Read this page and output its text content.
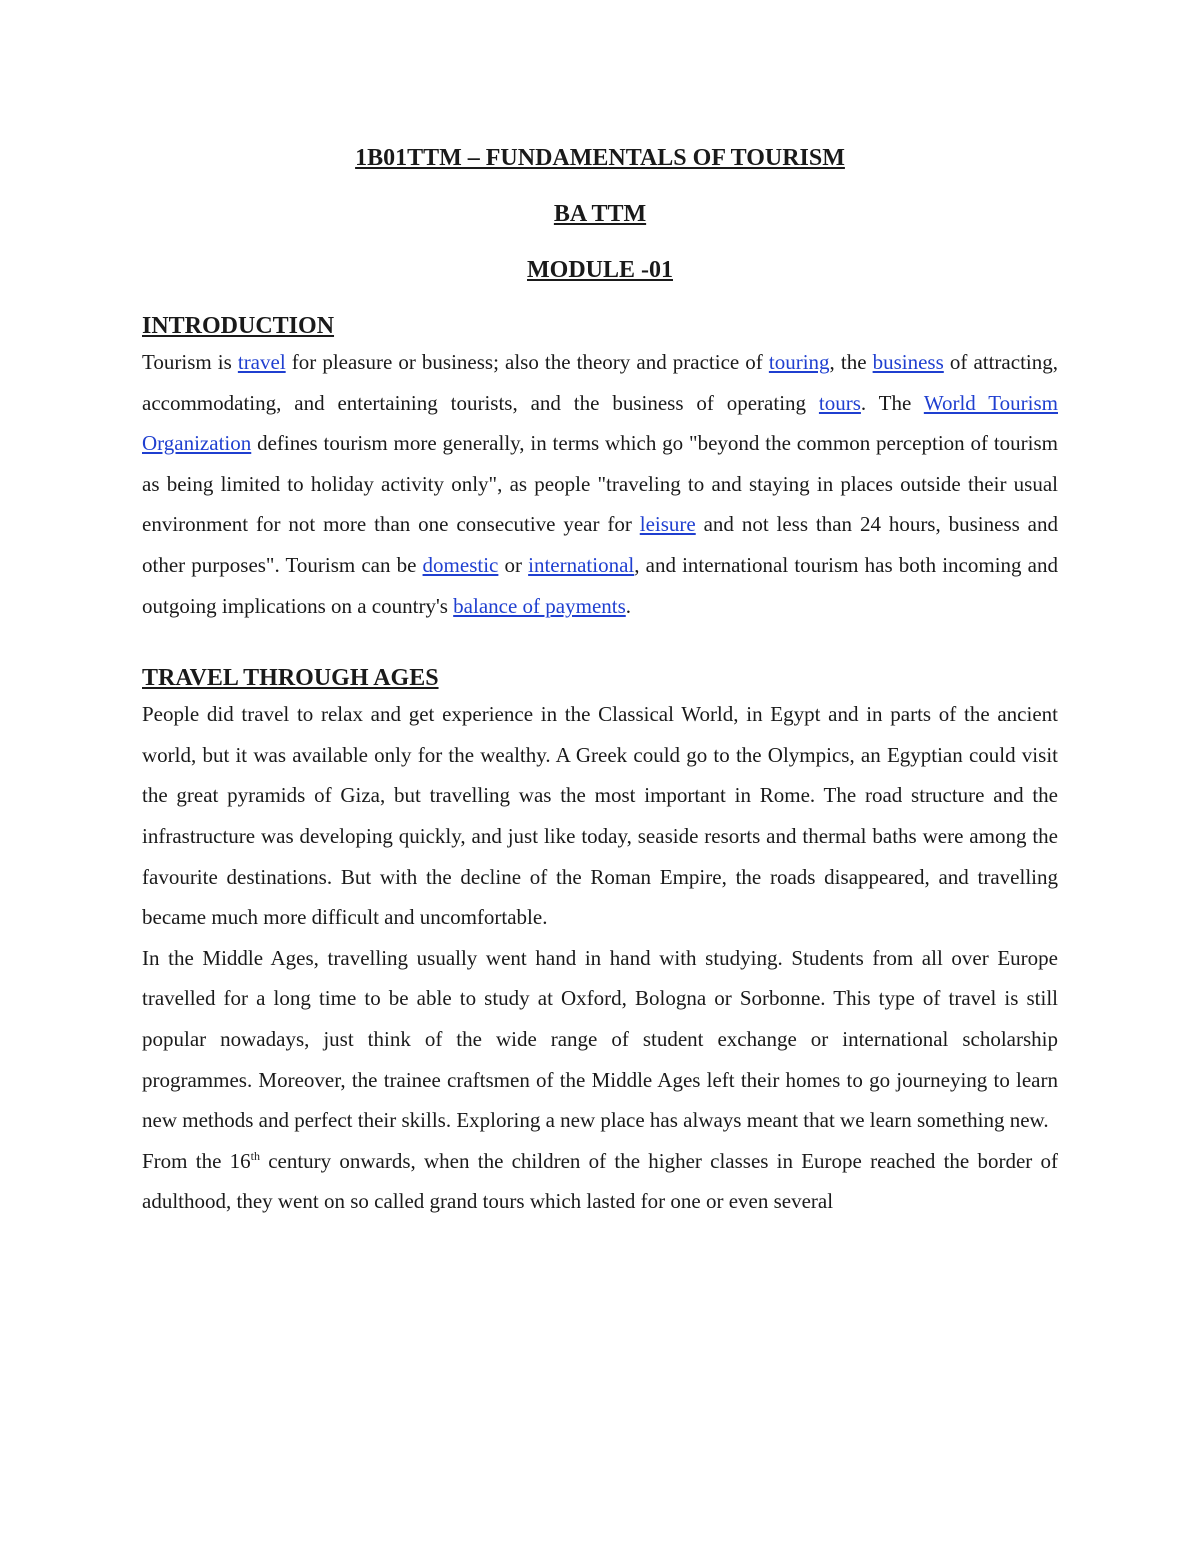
1B01TTM – FUNDAMENTALS OF TOURISM

BA TTM

MODULE -01

INTRODUCTION

Tourism is travel for pleasure or business; also the theory and practice of touring, the business of attracting, accommodating, and entertaining tourists, and the business of operating tours. The World Tourism Organization defines tourism more generally, in terms which go "beyond the common perception of tourism as being limited to holiday activity only", as people "traveling to and staying in places outside their usual environment for not more than one consecutive year for leisure and not less than 24 hours, business and other purposes". Tourism can be domestic or international, and international tourism has both incoming and outgoing implications on a country's balance of payments.

TRAVEL THROUGH AGES

People did travel to relax and get experience in the Classical World, in Egypt and in parts of the ancient world, but it was available only for the wealthy. A Greek could go to the Olympics, an Egyptian could visit the great pyramids of Giza, but travelling was the most important in Rome. The road structure and the infrastructure was developing quickly, and just like today, seaside resorts and thermal baths were among the favourite destinations. But with the decline of the Roman Empire, the roads disappeared, and travelling became much more difficult and uncomfortable.

In the Middle Ages, travelling usually went hand in hand with studying. Students from all over Europe travelled for a long time to be able to study at Oxford, Bologna or Sorbonne. This type of travel is still popular nowadays, just think of the wide range of student exchange or international scholarship programmes. Moreover, the trainee craftsmen of the Middle Ages left their homes to go journeying to learn new methods and perfect their skills. Exploring a new place has always meant that we learn something new.

From the 16th century onwards, when the children of the higher classes in Europe reached the border of adulthood, they went on so called grand tours which lasted for one or even several
